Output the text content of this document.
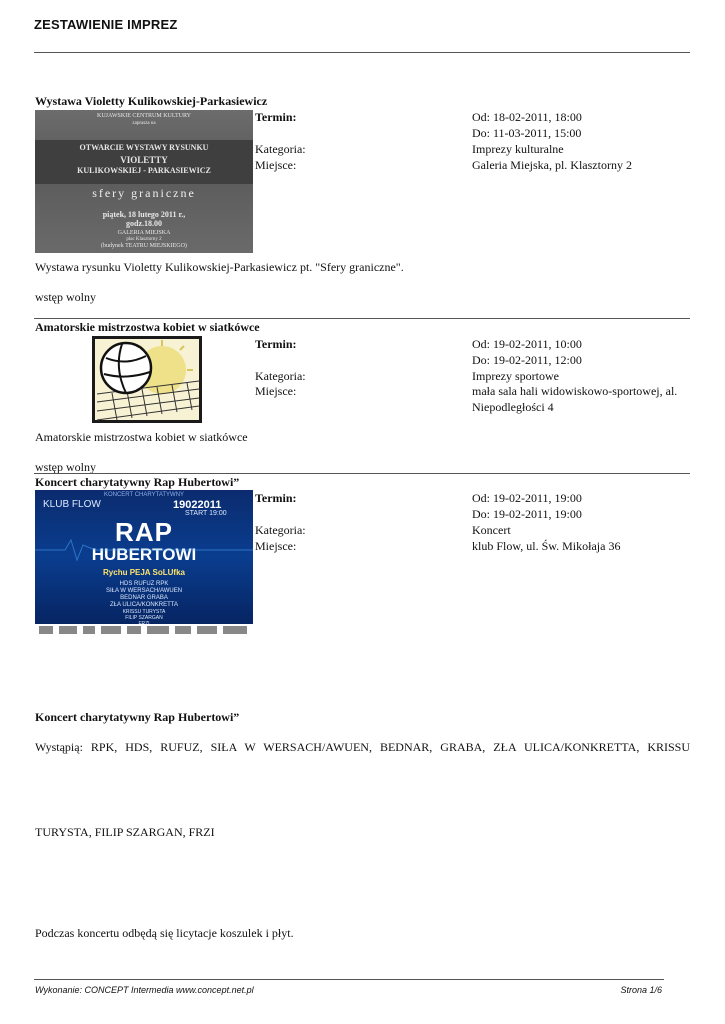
ZESTAWIENIE IMPREZ
Wystawa Violetty Kulikowskiej-Parkasiewicz
KUJAWSKIE CENTRUM KULTURY
zaprasza na
OTWARCIE WYSTAWY RYSUNKU
VIOLETTY
KULIKOWSKIEJ - PARKASIEWICZ
sfery graniczne
piątek, 18 lutego 2011 r.,
godz.18.00
GALERIA MIEJSKA
plac Klasztorny 2
(budynek TEATRU MIEJSKIEGO)
Termin:	Od: 18-02-2011, 18:00
Do: 11-03-2011, 15:00
Kategoria:	Imprezy kulturalne
Miejsce:	Galeria Miejska, pl. Klasztorny 2
Wystawa rysunku Violetty Kulikowskiej-Parkasiewicz pt. "Sfery graniczne".
wstęp wolny
Amatorskie mistrzostwa kobiet w siatkówce
Termin:	Od: 19-02-2011, 10:00
Do: 19-02-2011, 12:00
Kategoria:	Imprezy sportowe
Miejsce:	mała sala hali widowiskowo-sportowej, al. Niepodległości 4
Amatorskie mistrzostwa kobiet w siatkówce
wstęp wolny
Koncert charytatywny Rap Hubertowi”
KONCERT CHARYTATYWNY
KLUB FLOW	19022011
START 19:00
RAP
HUBERTOWI
Rychu PEJA SoLUfka
HDS RUFUZ RPK
SIŁA W WERSACH/AWUEN
BEDNAR GRABA
ZŁA ULICA/KONKRETTA
KRISSU TURYSTA
FILIP SZARGAN
Termin:	Od: 19-02-2011, 19:00
Do: 19-02-2011, 19:00
Kategoria:	Koncert
Miejsce:	klub Flow, ul. Św. Mikołaja 36
Koncert charytatywny Rap Hubertowi”
Wystąpią: RPK, HDS, RUFUZ, SIŁA W WERSACH/AWUEN, BEDNAR, GRABA, ZŁA ULICA/KONKRETTA, KRISSU
TURYSTA, FILIP SZARGAN, FRZI
Podczas koncertu odbędą się licytacje koszulek i płyt.
Wykonanie: CONCEPT Intermedia www.concept.net.pl	Strona 1/6
